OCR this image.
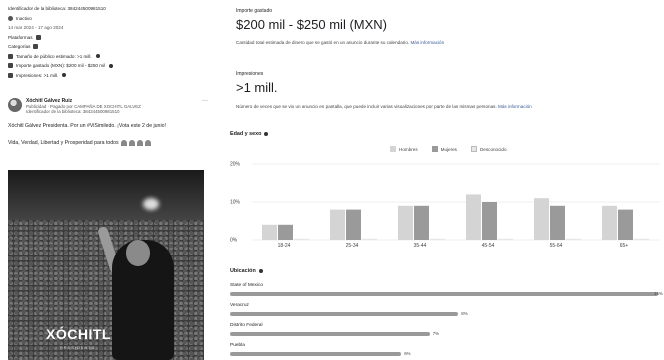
Identificador de la biblioteca: 384244500981510
Inactivo
14 mar 2024 - 17 ago 2024
Plataformas
Categorías
Tamaño de público estimado: >1 mill.
Importe gastado (MXN): $200 mil - $250 mil
Impresiones: >1 mill.
Xóchitl Gálvez Ruiz
Publicidad · Pagado por CAMPAÑA DE XOCHITL GALVEZ
Identificador de la biblioteca: 384244500981510
···
Xóchitl Gálvez Presidenta. Por un #ViSimiledo. ¡Vota este 2 de junio!
Vida, Verdad, Libertad y Prosperidad para todos
XÓCHITL
PRESIDENTA
Importe gastado
$200 mil - $250 mil (MXN)
Cantidad total estimada de dinero que se gastó en un anuncio durante su calendario. Más información
Impresiones
>1 mill.
Número de veces que se vio un anuncio en pantalla, que puede incluir varias visualizaciones por parte de las mismas personas. Más información
Edad y sexo
Hombres	Mujeres	Desconocido
0%
10%
20%
18-24	25-34	35-44	45-54	55-64	65+
Ubicación
State of Mexico
15%
Veracruz
8%
Distrito Federal
7%
Puebla
6%
